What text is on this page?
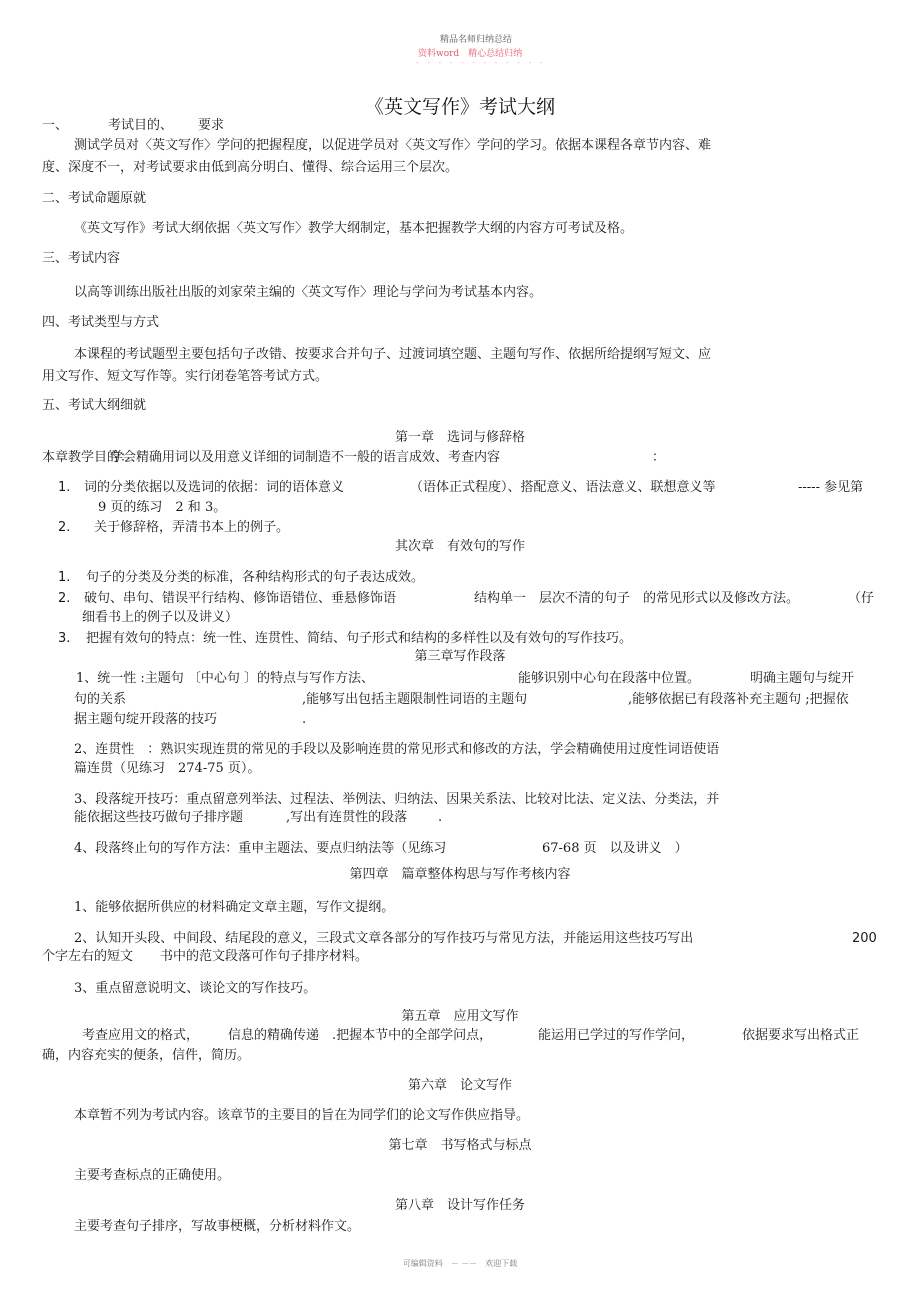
精品名师归纳总结
资料word　精心总结归纳
- - - - - - - - - - - -
《英文写作》考试大纲
一、	考试目的、 要求
测试学员对〈英文写作〉学问的把握程度，以促进学员对〈英文写作〉学问的学习。依据本课程各章节内容、难
度、深度不一，对考试要求由低到高分明白、懂得、综合运用三个层次。
二、考试命题原就
《英文写作》考试大纲依据〈英文写作〉教学大纲制定，基本把握教学大纲的内容方可考试及格。
三、考试内容
以高等训练出版社出版的刘家荣主编的〈英文写作〉理论与学问为考试基本内容。
四、考试类型与方式
本课程的考试题型主要包括句子改错、按要求合并句子、过渡词填空题、主题句写作、依据所给提纲写短文、应
用文写作、短文写作等。实行闭卷笔答考试方式。
五、考试大纲细就
第一章　选词与修辞格
本章教学目的：
学会精确用词以及用意义详细的词制造不一般的语言成效、考查内容	：
1. 词的分类依据以及选词的依据：词的语体意义	（语体正式程度）、搭配意义、语法意义、联想意义等	----- 参见第
9 页的练习　2 和 3。
2. 关于修辞格，弄清书本上的例子。
其次章　有效句的写作
1. 句子的分类及分类的标准，各种结构形式的句子表达成效。
2. 破句、串句、错误平行结构、修饰语错位、垂悬修饰语	结构单一　层次不清的句子　的常见形式以及修改方法。	（仔
细看书上的例子以及讲义）
3. 把握有效句的特点：统一性、连贯性、简结、句子形式和结构的多样性以及有效句的写作技巧。
第三章写作段落
1、统一性 :主题句 〔中心句 〕的特点与写作方法、	能够识别中心句在段落中位置。	明确主题句与绽开
句的关系	,能够写出包括主题限制性词语的主题句	,能够依据已有段落补充主题句 ;把握依
据主题句绽开段落的技巧	.
2、连贯性　：熟识实现连贯的常见的手段以及影响连贯的常见形式和修改的方法，学会精确使用过度性词语使语
篇连贯（见练习　274-75 页）。
3、段落绽开技巧：重点留意列举法、过程法、举例法、归纳法、因果关系法、比较对比法、定义法、分类法，并
能依据这些技巧做句子排序题	,写出有连贯性的段落 .
4、段落终止句的写作方法：重申主题法、要点归纳法等（见练习	67-68 页　以及讲义　）
第四章　篇章整体构思与写作考核内容
1、能够依据所供应的材料确定文章主题，写作文提纲。
2、认知开头段、中间段、结尾段的意义，三段式文章各部分的写作技巧与常见方法，并能运用这些技巧写出	200
个字左右的短文 书中的范文段落可作句子排序材料。
3、重点留意说明文、谈论文的写作技巧。
第五章　应用文写作
考查应用文的格式， 信息的精确传递　.把握本节中的全部学问点，	能运用已学过的写作学问，	依据要求写出格式正
确，内容充实的便条，信件，简历。
第六章　论文写作
本章暂不列为考试内容。该章节的主要目的旨在为同学们的论文写作供应指导。
第七章　书写格式与标点
主要考查标点的正确使用。
第八章　设计写作任务
主要考查句子排序，写故事梗概，分析材料作文。
可编辑资料　－ －－　欢迎下载
